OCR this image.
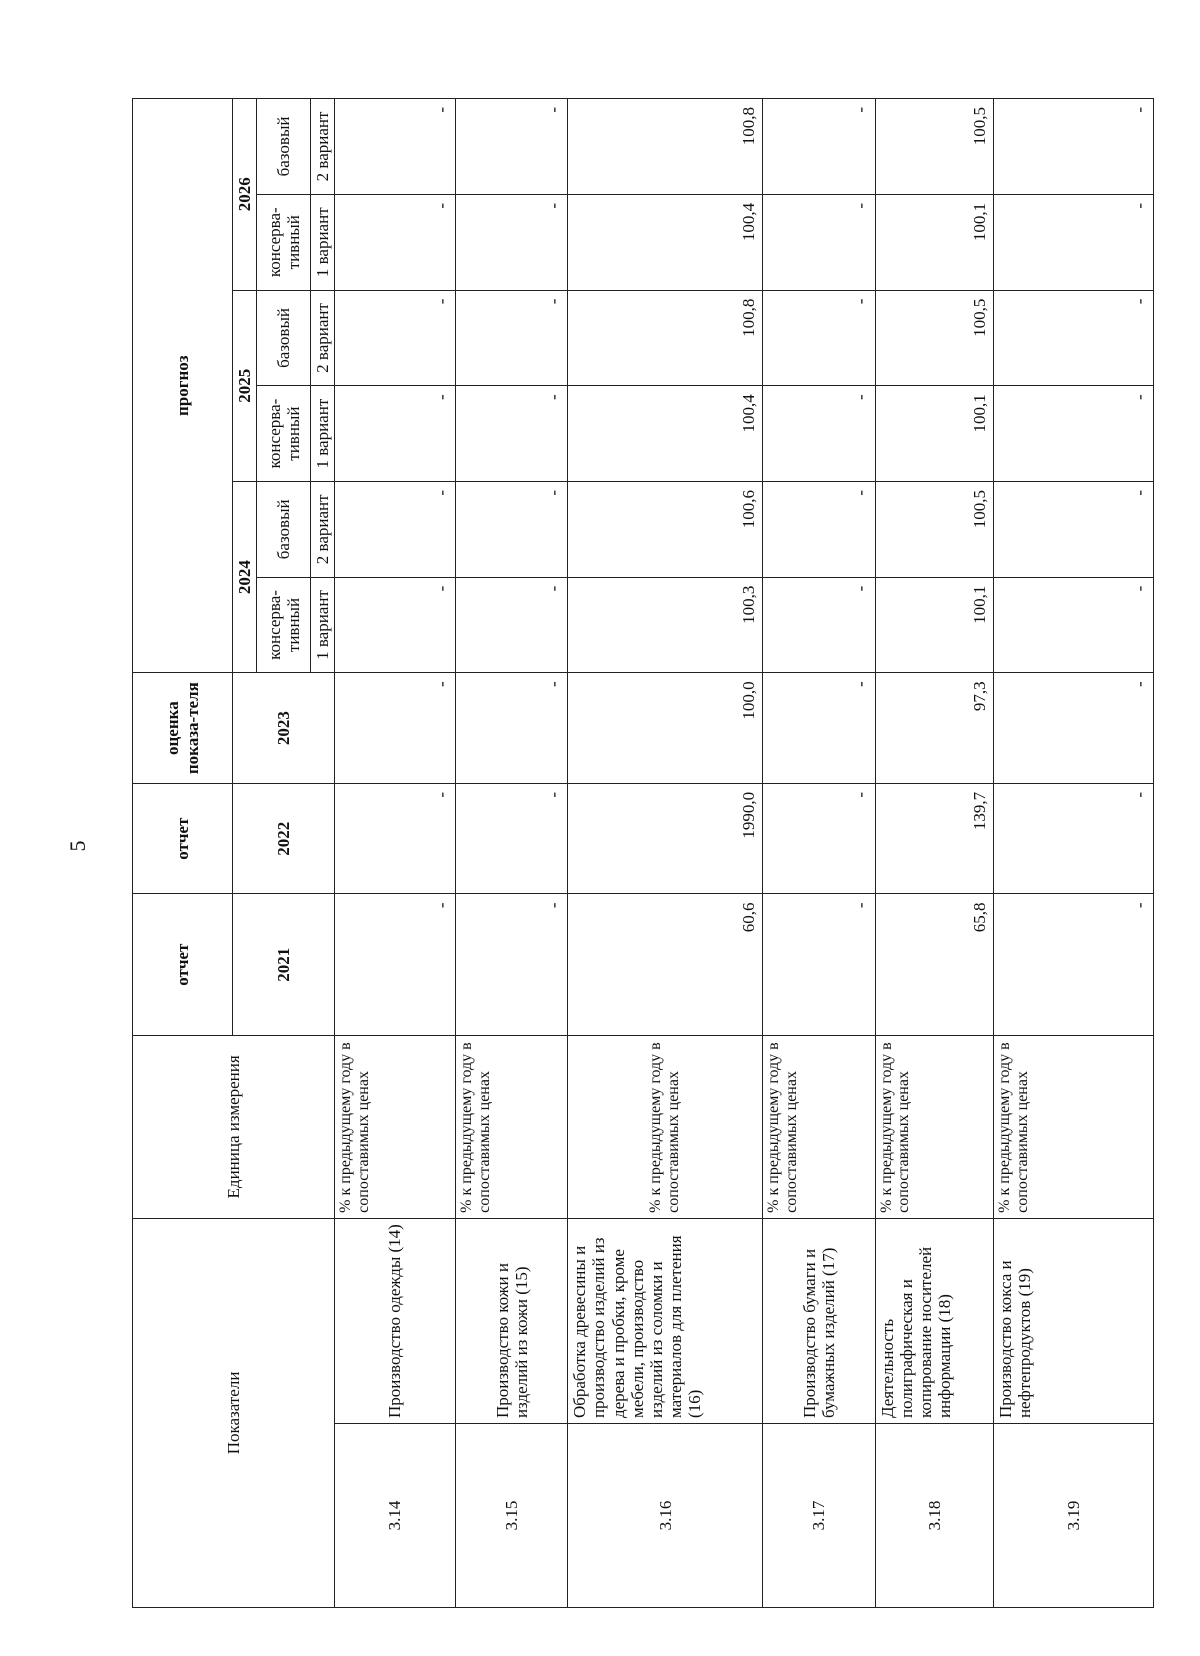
5
Показатели		Единица измерения	отчет	отчет	оценка показа-теля	прогноз					
			2021	2022	2023	2024		2025		2026	
						консерва-тивный	базовый	консерва-тивный	базовый	консерва-тивный	базовый
						1 вариант	2 вариант	1 вариант	2 вариант	1 вариант	2 вариант
3.14	Производство одежды (14)	% к предыдущему году в сопоставимых ценах	-	-	-	-	-	-	-	-	-
3.15	Производство кожи и изделий из кожи (15)	% к предыдущему году в сопоставимых ценах	-	-	-	-	-	-	-	-	-
3.16	Обработка древесины и производство изделий из дерева и пробки, кроме мебели, производство изделий из соломки и материалов для плетения (16)	% к предыдущему году в сопоставимых ценах	60,6	1990,0	100,0	100,3	100,6	100,4	100,8	100,4	100,8
3.17	Производство бумаги и бумажных изделий (17)	% к предыдущему году в сопоставимых ценах	-	-	-	-	-	-	-	-	-
3.18	Деятельность полиграфическая и копирование носителей информации (18)	% к предыдущему году в сопоставимых ценах	65,8	139,7	97,3	100,1	100,5	100,1	100,5	100,1	100,5
3.19	Производство кокса и нефтепродуктов (19)	% к предыдущему году в сопоставимых ценах	-	-	-	-	-	-	-	-	-
